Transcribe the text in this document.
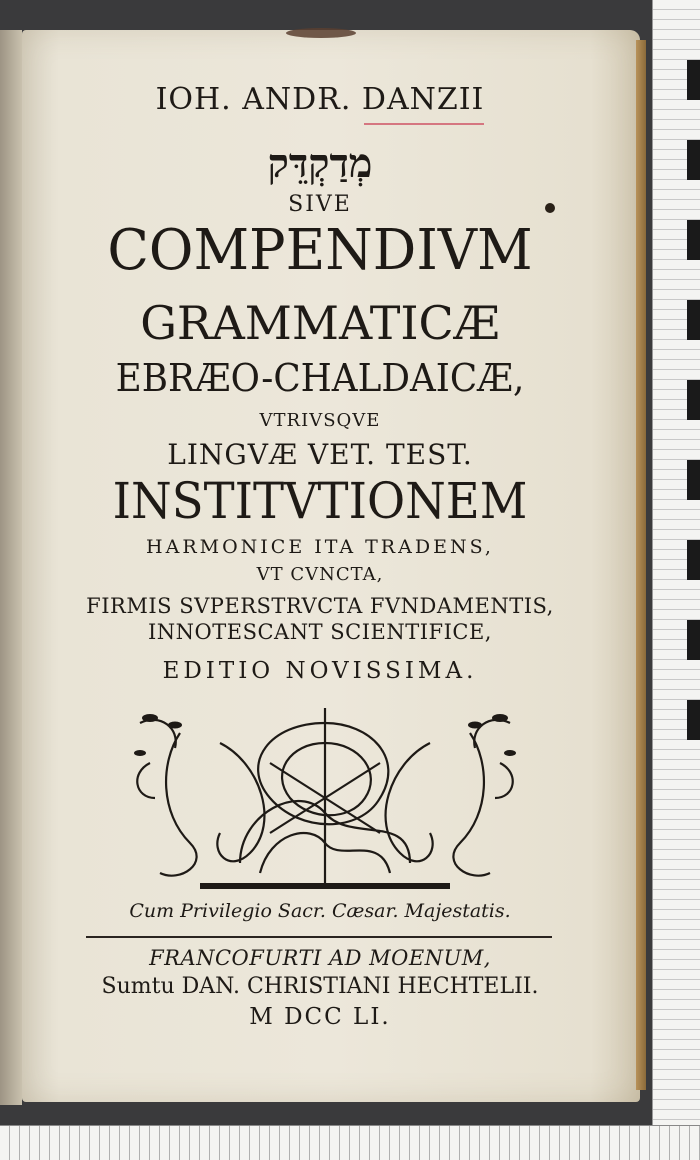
IOH. ANDR. DANZII

מְדַקְדֵּק

SIVE

COMPENDIVM

GRAMMATICÆ

EBRÆO-CHALDAICÆ,

VTRIVSQVE

LINGVÆ VET. TEST.

INSTITVTIONEM

HARMONICE ITA TRADENS,

VT CVNCTA,

FIRMIS SVPERSTRVCTA FVNDAMENTIS,

INNOTESCANT SCIENTIFICE,

EDITIO NOVISSIMA.

Cum Privilegio Sacr. Cæsar. Majestatis.

FRANCOFURTI AD MOENUM,

Sumtu DAN. CHRISTIANI HECHTELII.

M DCC LI.
